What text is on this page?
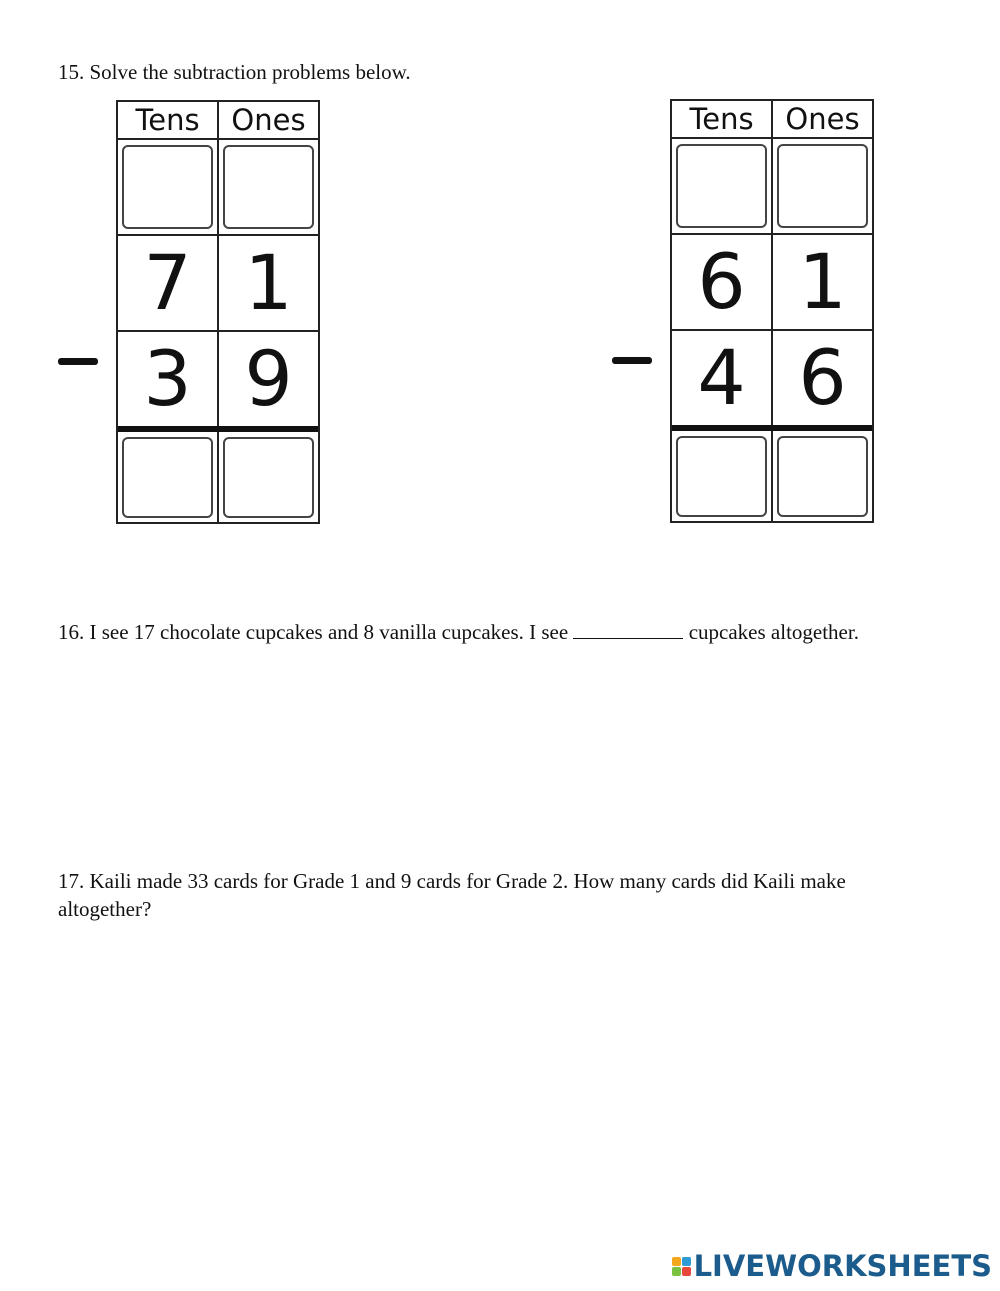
15. Solve the subtraction problems below.

Tens	Ones
7 1
3 9
Tens	Ones
6 1
4 6

16. I see 17 chocolate cupcakes and 8 vanilla cupcakes. I see	cupcakes altogether.

17. Kaili made 33 cards for Grade 1 and 9 cards for Grade 2. How many cards did Kaili make altogether?

LIVEWORKSHEETS
